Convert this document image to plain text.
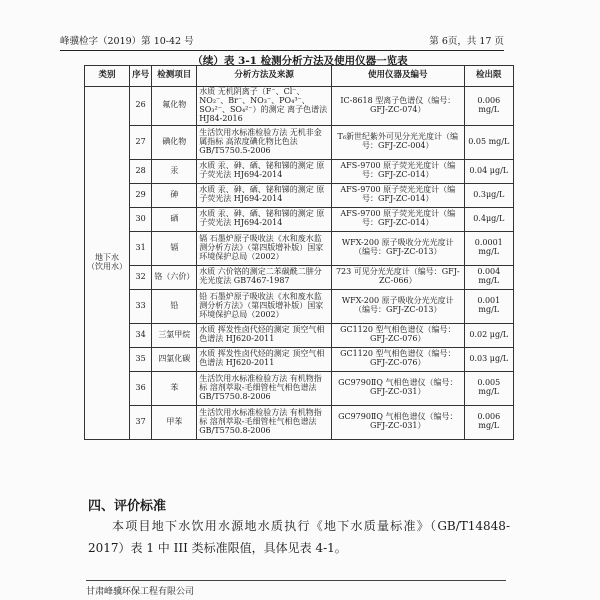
峰骥检字（2019）第 10-42 号	第 6页，共 17 页
（续）表 3-1 检测分析方法及使用仪器一览表
类别	序号	检测项目	分析方法及来源	使用仪器及编号	检出限
地下水（饮用水）	26	氟化物	水质 无机阴离子（F⁻、Cl⁻、NO₂⁻、Br⁻、NO₃⁻、PO₄³⁻、SO₃²⁻、SO₄²⁻）的测定 离子色谱法 HJ84-2016	IC-8618 型离子色谱仪（编号：GFJ-ZC-074）	0.006 mg/L
	27	碘化物	生活饮用水标准检验方法 无机非金属指标 高浓度碘化物比色法 GB/T5750.5-2006	T₆新世纪紫外可见分光光度计（编号：GFJ-ZC-004）	0.05 mg/L
	28	汞	水质 汞、砷、硒、铋和锑的测定 原子荧光法 HJ694-2014	AFS-9700 原子荧光光度计（编号：GFJ-ZC-014）	0.04 μg/L
	29	砷	水质 汞、砷、硒、铋和锑的测定 原子荧光法 HJ694-2014	AFS-9700 原子荧光光度计（编号：GFJ-ZC-014）	0.3μg/L
	30	硒	水质 汞、砷、硒、铋和锑的测定 原子荧光法 HJ694-2014	AFS-9700 原子荧光光度计（编号：GFJ-ZC-014）	0.4μg/L
	31	镉	镉 石墨炉原子吸收法《水和废水监测分析方法》（第四版增补版）国家环境保护总局（2002）	WFX-200 原子吸收分光光度计（编号：GFJ-ZC-013）	0.0001 mg/L
	32	铬（六价）	水质 六价铬的测定二苯碳酰二肼分光光度法 GB7467-1987	723 可见分光光度计（编号：GFJ-ZC-066）	0.004 mg/L
	33	铅	铅 石墨炉原子吸收法《水和废水监测分析方法》（第四版增补版）国家环境保护总局（2002）	WFX-200 原子吸收分光光度计（编号：GFJ-ZC-013）	0.001 mg/L
	34	三氯甲烷	水质 挥发性卤代烃的测定 顶空气相色谱法 HJ620-2011	GC1120 型气相色谱仪（编号：GFJ-ZC-076）	0.02 μg/L
	35	四氯化碳	水质 挥发性卤代烃的测定 顶空气相色谱法 HJ620-2011	GC1120 型气相色谱仪（编号：GFJ-ZC-076）	0.03 μg/L
	36	苯	生活饮用水标准检验方法 有机物指标 溶剂萃取-毛细管柱气相色谱法 GB/T5750.8-2006	GC9790ⅡQ 气相色谱仪（编号：GFJ-ZC-031）	0.005 mg/L
	37	甲苯	生活饮用水标准检验方法 有机物指标 溶剂萃取-毛细管柱气相色谱法 GB/T5750.8-2006	GC9790ⅡQ 气相色谱仪（编号：GFJ-ZC-031）	0.006 mg/L
四、评价标准
本项目地下水饮用水源地水质执行《地下水质量标准》（GB/T14848-2017）表 1 中 III 类标准限值，具体见表 4-1。
甘肃峰骥环保工程有限公司
